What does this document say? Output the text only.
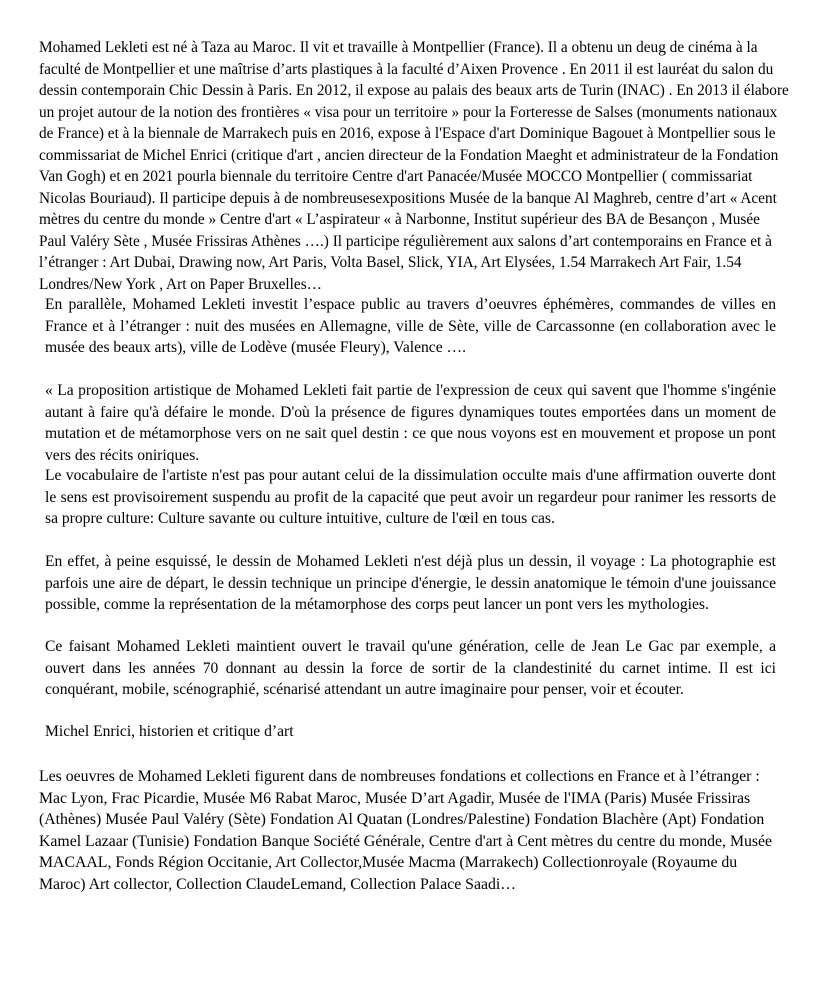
Mohamed Lekleti est né à Taza au Maroc. Il vit et travaille à Montpellier (France). Il a obtenu un deug de cinéma à la faculté de Montpellier et une maîtrise d’arts plastiques à la faculté d’Aixen Provence . En 2011 il est lauréat du salon du dessin contemporain Chic Dessin à Paris. En 2012, il expose au palais des beaux arts de Turin (INAC) . En 2013 il élabore un projet autour de la notion des frontières « visa pour un territoire » pour la Forteresse de Salses (monuments nationaux de France) et à la biennale de Marrakech puis en 2016, expose à l'Espace d'art Dominique Bagouet à Montpellier sous le commissariat de Michel Enrici (critique d'art , ancien directeur de la Fondation Maeght et administrateur de la Fondation Van Gogh) et en 2021 pourla biennale du territoire Centre d'art Panacée/Musée MOCCO Montpellier ( commissariat Nicolas Bouriaud). Il participe depuis à de nombreusesexpositions Musée de la banque Al Maghreb, centre d’art « Acent mètres du centre du monde » Centre d'art « L’aspirateur « à Narbonne, Institut supérieur des BA de Besançon , Musée Paul Valéry Sète , Musée Frissiras Athènes ….) Il participe régulièrement aux salons d’art contemporains en France et à l’étranger : Art Dubai, Drawing now, Art Paris, Volta Basel, Slick, YIA, Art Elysées, 1.54 Marrakech Art Fair, 1.54 Londres/New York , Art on Paper Bruxelles…

En parallèle, Mohamed Lekleti investit l’espace public au travers d’oeuvres éphémères, commandes de villes en France et à l’étranger : nuit des musées en Allemagne, ville de Sète, ville de Carcassonne (en collaboration avec le musée des beaux arts), ville de Lodève (musée Fleury), Valence ….

« La proposition artistique de Mohamed Lekleti fait partie de l'expression de ceux qui savent que l'homme s'ingénie autant à faire qu'à défaire le monde. D'où la présence de figures dynamiques toutes emportées dans un moment de mutation et de métamorphose vers on ne sait quel destin : ce que nous voyons est en mouvement et propose un pont vers des récits oniriques.

Le vocabulaire de l'artiste n'est pas pour autant celui de la dissimulation occulte mais d'une affirmation ouverte dont le sens est provisoirement suspendu au profit de la capacité que peut avoir un regardeur pour ranimer les ressorts de sa propre culture: Culture savante ou culture intuitive, culture de l'œil en tous cas.

En effet, à peine esquissé, le dessin de Mohamed Lekleti n'est déjà plus un dessin, il voyage : La photographie est parfois une aire de départ, le dessin technique un principe d'énergie, le dessin anatomique le témoin d'une jouissance possible, comme la représentation de la métamorphose des corps peut lancer un pont vers les mythologies.

Ce faisant Mohamed Lekleti maintient ouvert le travail qu'une génération, celle de Jean Le Gac par exemple, a ouvert dans les années 70 donnant au dessin la force de sortir de la clandestinité du carnet intime. Il est ici conquérant, mobile, scénographié, scénarisé attendant un autre imaginaire pour penser, voir et écouter.

Michel Enrici, historien et critique d’art

Les oeuvres de Mohamed Lekleti figurent dans de nombreuses fondations et collections en France et à l’étranger : Mac Lyon, Frac Picardie, Musée M6 Rabat Maroc, Musée D’art Agadir, Musée de l'IMA (Paris) Musée Frissiras (Athènes) Musée Paul Valéry (Sète) Fondation Al Quatan (Londres/Palestine) Fondation Blachère (Apt) Fondation Kamel Lazaar (Tunisie) Fondation Banque Société Générale, Centre d'art à Cent mètres du centre du monde, Musée MACAAL, Fonds Région Occitanie, Art Collector,Musée Macma (Marrakech) Collectionroyale (Royaume du Maroc) Art collector, Collection ClaudeLemand, Collection Palace Saadi…
